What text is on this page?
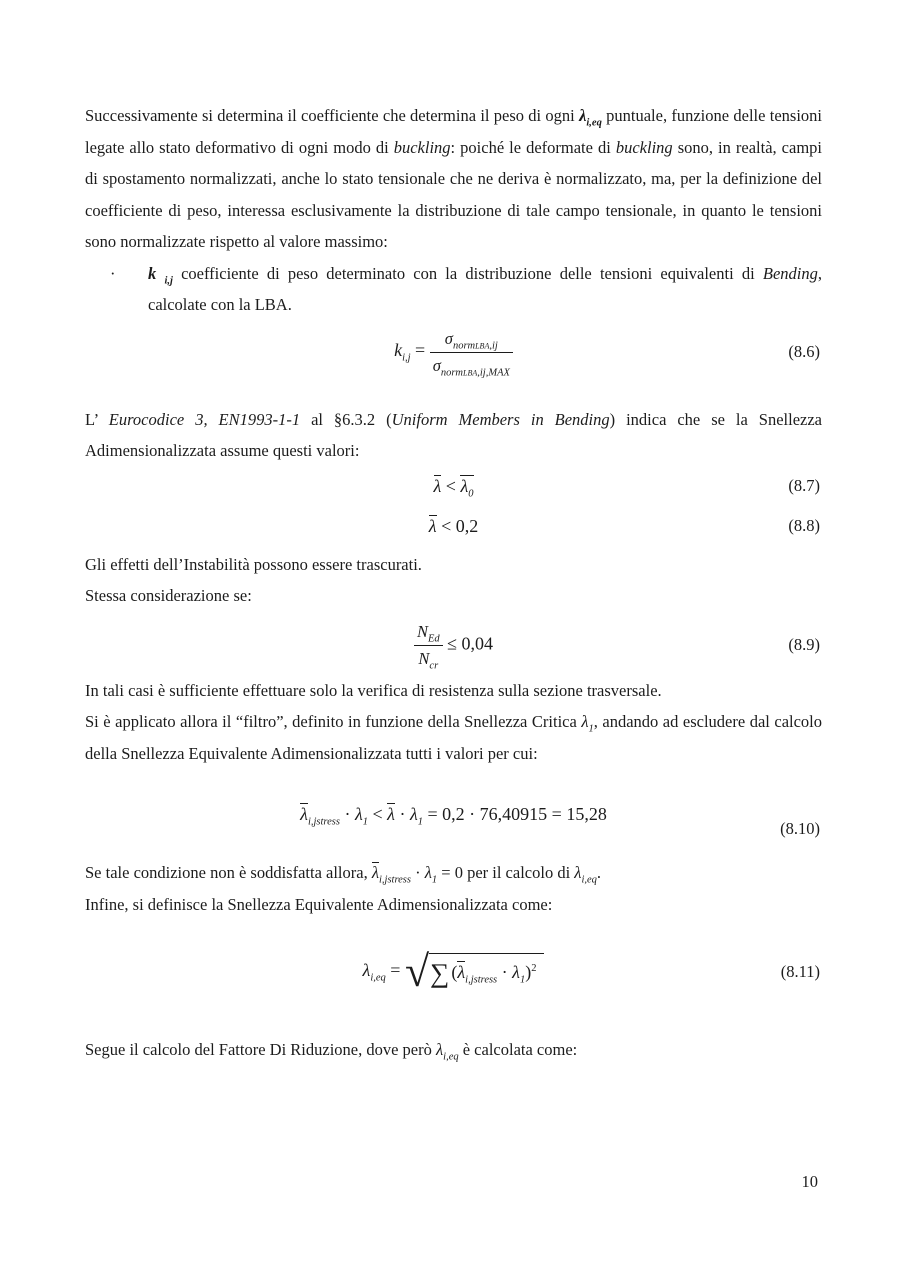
Successivamente si determina il coefficiente che determina il peso di ogni $\lambda_{i,eq}$ puntuale, funzione delle tensioni legate allo stato deformativo di ogni modo di buckling: poiché le deformate di buckling sono, in realtà, campi di spostamento normalizzati, anche lo stato tensionale che ne deriva è normalizzato, ma, per la definizione del coefficiente di peso, interessa esclusivamente la distribuzione di tale campo tensionale, in quanto le tensioni sono normalizzate rispetto al valore massimo:

· k $_{i,j}$ coefficiente di peso determinato con la distribuzione delle tensioni equivalenti di Bending, calcolate con la LBA.
$k_{i,j} = \frac{\sigma_{normLBA,ij}}{\sigma_{normLBA,ij,MAX}}$	(8.6)

L’ Eurocodice 3, EN1993-1-1 al §6.3.2 (Uniform Members in Bending) indica che se la Snellezza Adimensionalizzata assume questi valori:

$\lambda < \lambda_0$	(8.7)
λ < 0,2	(8.8)

Gli effetti dell’Instabilità possono essere trascurati.

Stessa considerazione se:

$\frac{N_{Ed}}{N_{cr}} \le 0,04$	(8.9)

In tali casi è sufficiente effettuare solo la verifica di resistenza sulla sezione trasversale.

Si è applicato allora il “filtro”, definito in funzione della Snellezza Critica $\lambda_1$, andando ad escludere dal calcolo della Snellezza Equivalente Adimensionalizzata tutti i valori per cui:

$\lambda_{i,jstress} \cdot \lambda_1 < \lambda \cdot \lambda_1 = 0,2 \cdot 76,40915 = 15,28$
(8.10)

Se tale condizione non è soddisfatta allora, $\lambda_{i,jstress} \cdot \lambda_1 = 0$ per il calcolo di $\lambda_{i,eq}$.

Infine, si definisce la Snellezza Equivalente Adimensionalizzata come:

$\lambda_{i,eq}$ = √ ∑ $(\lambda_{i,jstress} \cdot \lambda_1)^2$	(8.11)

Segue il calcolo del Fattore Di Riduzione, dove però $\lambda_{i,eq}$ è calcolata come:

10
